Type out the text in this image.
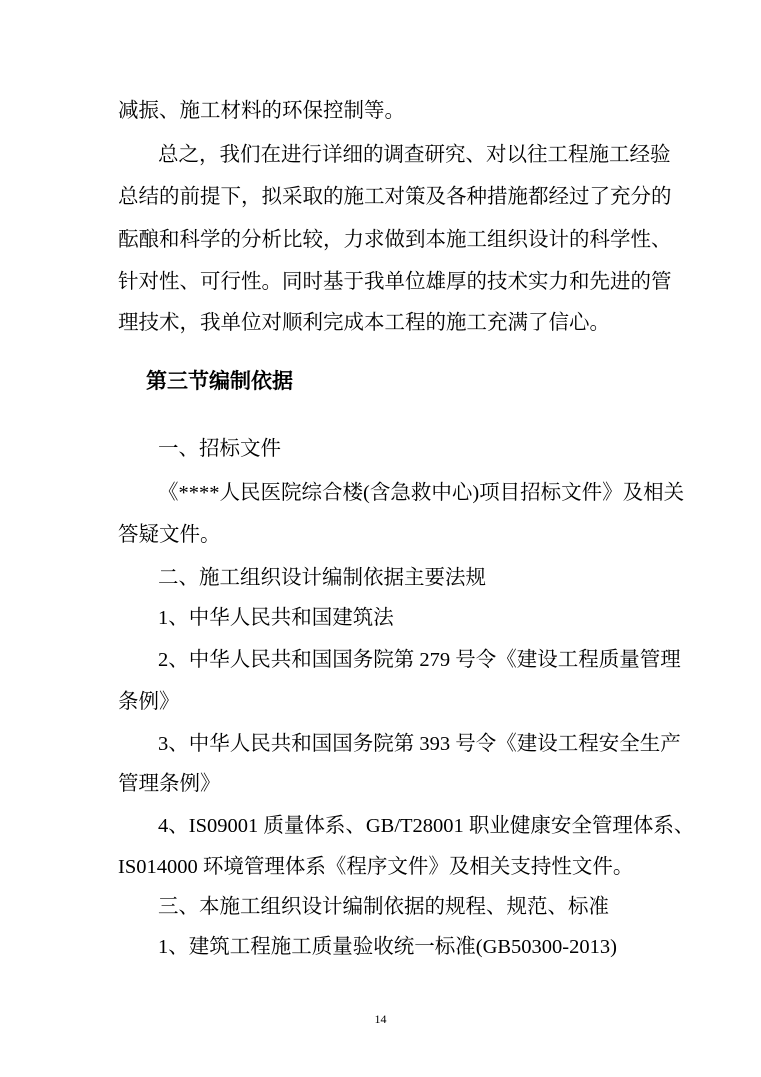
减振、施工材料的环保控制等。
总之，我们在进行详细的调查研究、对以往工程施工经验
总结的前提下，拟采取的施工对策及各种措施都经过了充分的
酝酿和科学的分析比较，力求做到本施工组织设计的科学性、
针对性、可行性。同时基于我单位雄厚的技术实力和先进的管
理技术，我单位对顺利完成本工程的施工充满了信心。
第三节编制依据
一、招标文件
《****人民医院综合楼(含急救中心)项目招标文件》及相关
答疑文件。
二、施工组织设计编制依据主要法规
1、中华人民共和国建筑法
2、中华人民共和国国务院第 279 号令《建设工程质量管理
条例》
3、中华人民共和国国务院第 393 号令《建设工程安全生产
管理条例》
4、IS09001 质量体系、GB/T28001 职业健康安全管理体系、
IS014000 环境管理体系《程序文件》及相关支持性文件。
三、本施工组织设计编制依据的规程、规范、标准
1、建筑工程施工质量验收统一标准(GB50300-2013)
14
